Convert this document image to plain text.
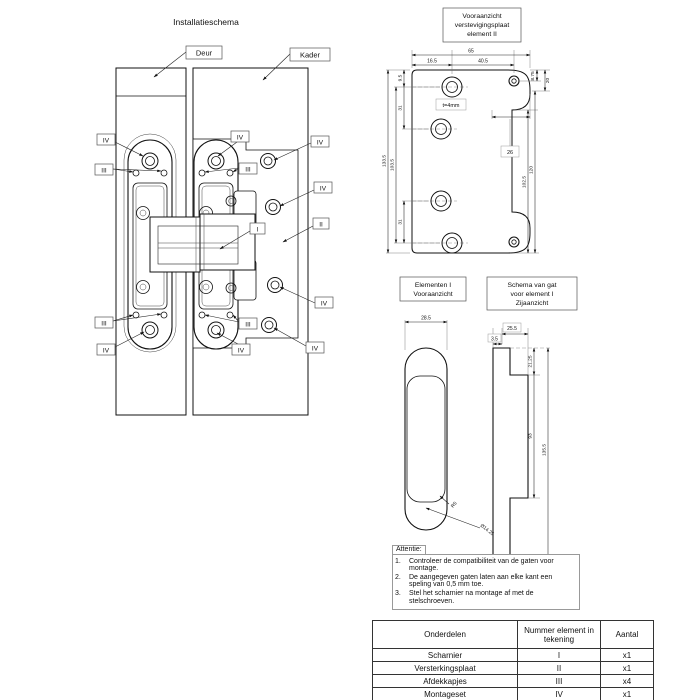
Installatieschema
Deur	Kader
IV
III
IV
III
IV
IV
II
I
III
IV
III
IV
IV
IV
Vooraanzicht
verstevigingsplaat
element II
t=4mm
16.5	40.5
65
9.5
31
31
103.5
133.5
8.75 20
102.5
120
26
Elementen I
Vooraanzicht
Schema van gat
voor element I
Zijaanzicht
28.5
R5
Ø14.25
25.5
3.5
21.25
93
135.5
Attentie:
1.	Controleer de compatibiliteit van de gaten voor montage.
2.	De aangegeven gaten laten aan elke kant een speling van 0,5 mm toe.
3.	Stel het scharnier na montage af met de stelschroeven.
Onderdelen	Nummer element in tekening	Aantal
Scharnier	I	x1
Versterkingsplaat	II	x1
Afdekkapjes	III	x4
Montageset	IV	x1
